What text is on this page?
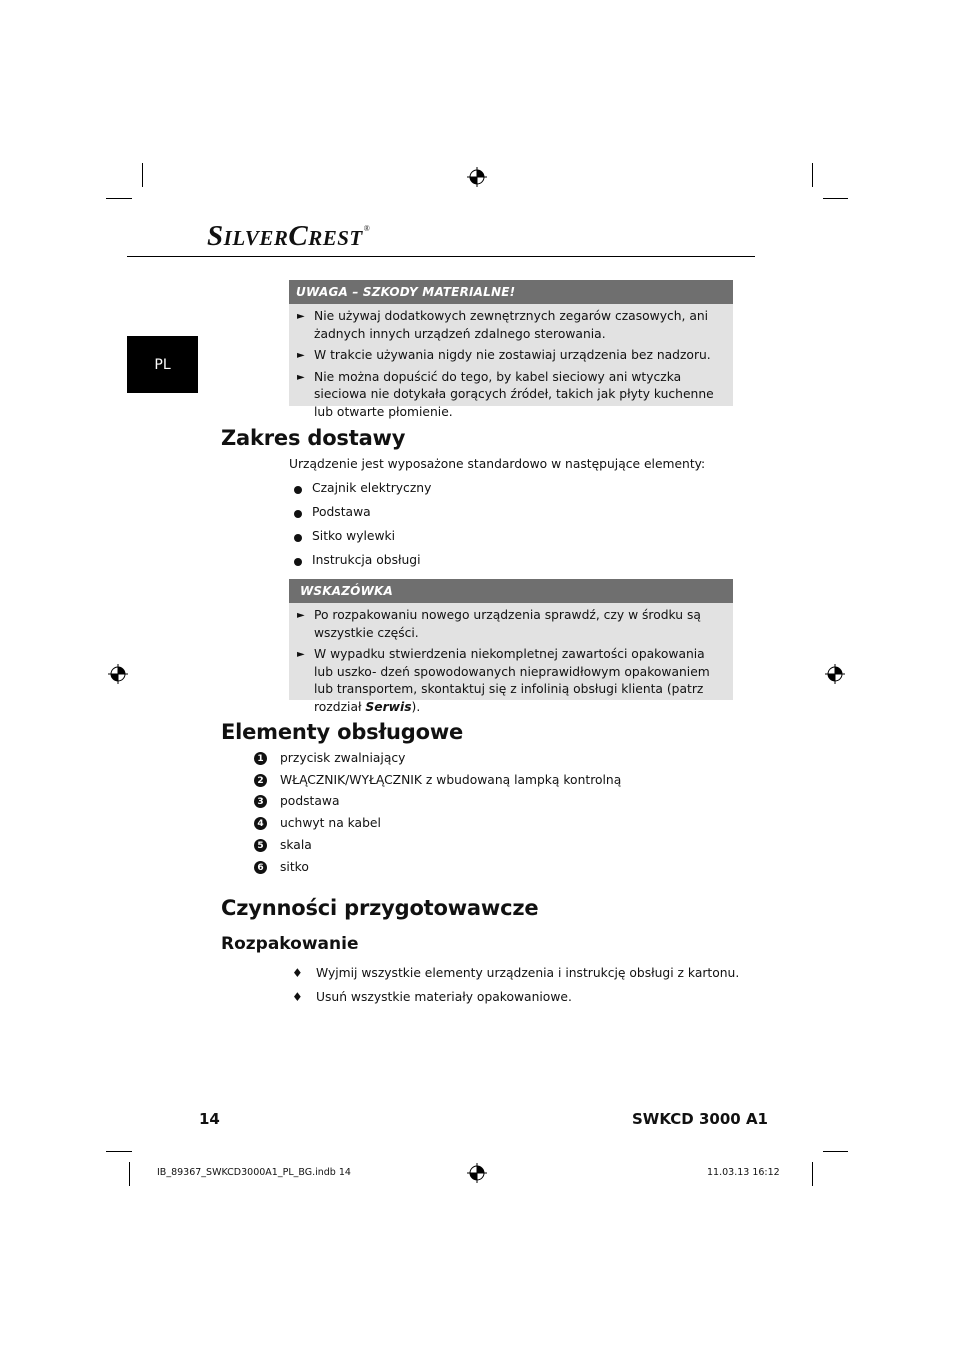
SILVERCREST®
PL
UWAGA – SZKODY MATERIALNE!
► Nie używaj dodatkowych zewnętrznych zegarów czasowych, ani żadnych innych urządzeń zdalnego sterowania.
► W trakcie używania nigdy nie zostawiaj urządzenia bez nadzoru.
► Nie można dopuścić do tego, by kabel sieciowy ani wtyczka sieciowa nie dotykała gorących źródeł, takich jak płyty kuchenne lub otwarte płomienie.
Zakres dostawy
Urządzenie jest wyposażone standardowo w następujące elementy:
Czajnik elektryczny
Podstawa
Sitko wylewki
Instrukcja obsługi
WSKAZÓWKA
► Po rozpakowaniu nowego urządzenia sprawdź, czy w środku są wszystkie części.
► W wypadku stwierdzenia niekompletnej zawartości opakowania lub uszko- dzeń spowodowanych nieprawidłowym opakowaniem lub transportem, skontaktuj się z infolinią obsługi klienta (patrz rozdział Serwis).
Elementy obsługowe
1 przycisk zwalniający
2 WŁĄCZNIK/WYŁĄCZNIK z wbudowaną lampką kontrolną
3 podstawa
4 uchwyt na kabel
5 skala
6 sitko
Czynności przygotowawcze
Rozpakowanie
♦ Wyjmij wszystkie elementy urządzenia i instrukcję obsługi z kartonu.
♦ Usuń wszystkie materiały opakowaniowe.
14	SWKCD 3000 A1
IB_89367_SWKCD3000A1_PL_BG.indb 14	11.03.13 16:12
